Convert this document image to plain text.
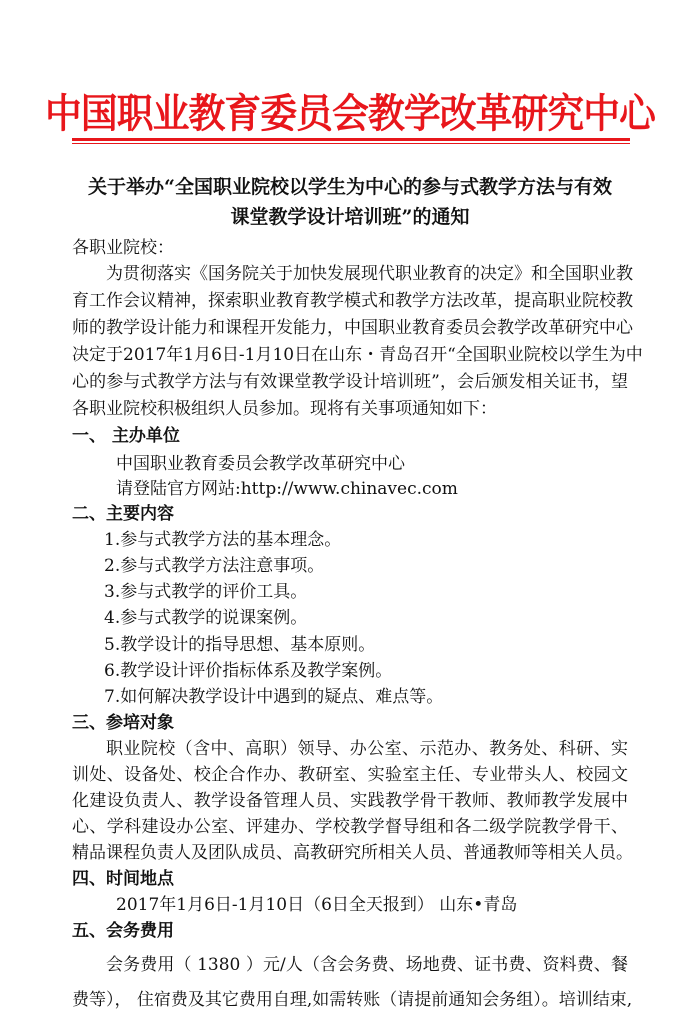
中国职业教育委员会教学改革研究中心
关于举办“全国职业院校以学生为中心的参与式教学方法与有效
课堂教学设计培训班”的通知
各职业院校：
为贯彻落实《国务院关于加快发展现代职业教育的决定》和全国职业教
育工作会议精神，探索职业教育教学模式和教学方法改革，提高职业院校教
师的教学设计能力和课程开发能力，中国职业教育委员会教学改革研究中心
决定于2017年1月6日-1月10日在山东・青岛召开“全国职业院校以学生为中
心的参与式教学方法与有效课堂教学设计培训班”，会后颁发相关证书，望
各职业院校积极组织人员参加。现将有关事项通知如下：
一、 主办单位
中国职业教育委员会教学改革研究中心
请登陆官方网站:http://www.chinavec.com
二、主要内容
1.参与式教学方法的基本理念。
2.参与式教学方法注意事项。
3.参与式教学的评价工具。
4.参与式教学的说课案例。
5.教学设计的指导思想、基本原则。
6.教学设计评价指标体系及教学案例。
7.如何解决教学设计中遇到的疑点、难点等。
三、参培对象
职业院校（含中、高职）领导、办公室、示范办、教务处、科研、实
训处、设备处、校企合作办、教研室、实验室主任、专业带头人、校园文
化建设负责人、教学设备管理人员、实践教学骨干教师、教师教学发展中
心、学科建设办公室、评建办、学校教学督导组和各二级学院教学骨干、
精品课程负责人及团队成员、高教研究所相关人员、普通教师等相关人员。
四、时间地点
2017年1月6日-1月10日（6日全天报到） 山东•青岛
五、会务费用
会务费用（ 1380 ）元/人（含会务费、场地费、证书费、资料费、餐
费等）， 住宿费及其它费用自理,如需转账（请提前通知会务组）。培训结束,
